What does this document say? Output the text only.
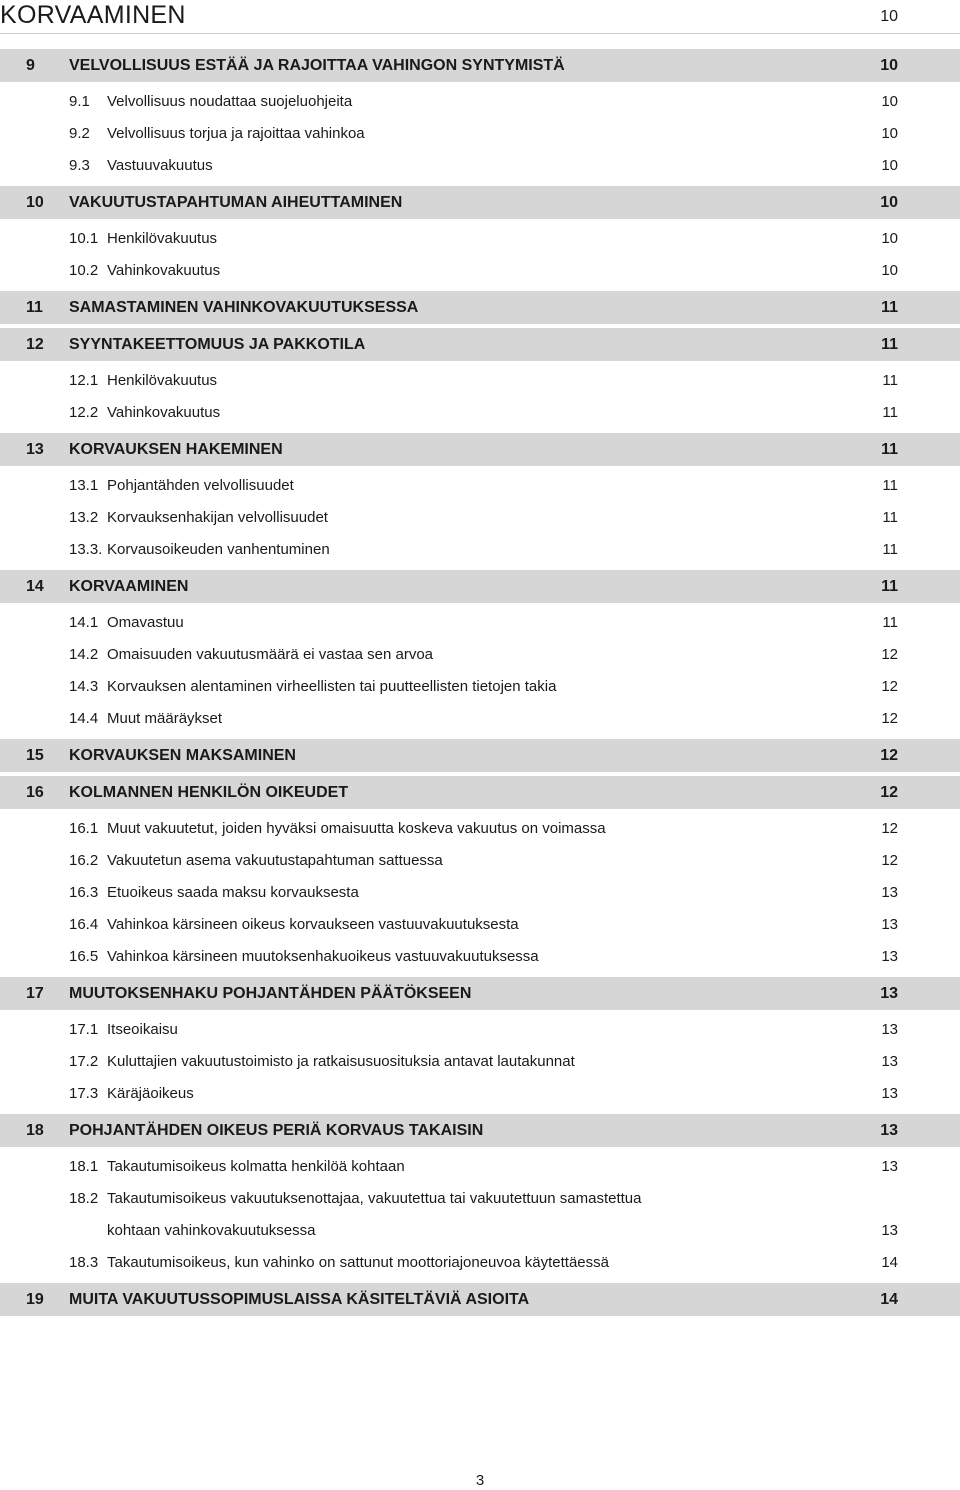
KORVAAMINEN	10
9 VELVOLLISUUS ESTÄÄ JA RAJOITTAA VAHINGON SYNTYMISTÄ	10
9.1 Velvollisuus noudattaa suojeluohjeita	10
9.2 Velvollisuus torjua ja rajoittaa vahinkoa	10
9.3 Vastuuvakuutus	10
10 VAKUUTUSTAPAHTUMAN AIHEUTTAMINEN	10
10.1 Henkilövakuutus	10
10.2 Vahinkovakuutus	10
11 SAMASTAMINEN VAHINKOVAKUUTUKSESSA	11
12 SYYNTAKEETTOMUUS JA PAKKOTILA	11
12.1 Henkilövakuutus	11
12.2 Vahinkovakuutus	11
13 KORVAUKSEN HAKEMINEN	11
13.1 Pohjantähden velvollisuudet	11
13.2 Korvauksenhakijan velvollisuudet	11
13.3. Korvausoikeuden vanhentuminen	11
14 KORVAAMINEN	11
14.1 Omavastuu	11
14.2 Omaisuuden vakuutusmäärä ei vastaa sen arvoa	12
14.3 Korvauksen alentaminen virheellisten tai puutteellisten tietojen takia	12
14.4 Muut määräykset	12
15 KORVAUKSEN MAKSAMINEN	12
16 KOLMANNEN HENKILÖN OIKEUDET	12
16.1 Muut vakuutetut, joiden hyväksi omaisuutta koskeva vakuutus on voimassa	12
16.2 Vakuutetun asema vakuutustapahtuman sattuessa	12
16.3 Etuoikeus saada maksu korvauksesta	13
16.4 Vahinkoa kärsineen oikeus korvaukseen vastuuvakuutuksesta	13
16.5 Vahinkoa kärsineen muutoksenhakuoikeus vastuuvakuutuksessa	13
17 MUUTOKSENHAKU POHJANTÄHDEN PÄÄTÖKSEEN	13
17.1 Itseoikaisu	13
17.2 Kuluttajien vakuutustoimisto ja ratkaisusuosituksia antavat lautakunnat	13
17.3 Käräjäoikeus	13
18 POHJANTÄHDEN OIKEUS PERIÄ KORVAUS TAKAISIN	13
18.1 Takautumisoikeus kolmatta henkilöä kohtaan	13
18.2 Takautumisoikeus vakuutuksenottajaa, vakuutettua tai vakuutettuun samastettua
kohtaan vahinkovakuutuksessa	13
18.3 Takautumisoikeus, kun vahinko on sattunut moottoriajoneuvoa käytettäessä	14
19 MUITA VAKUUTUSSOPIMUSLAISSA KÄSITELTÄVIÄ ASIOITA	14
3
